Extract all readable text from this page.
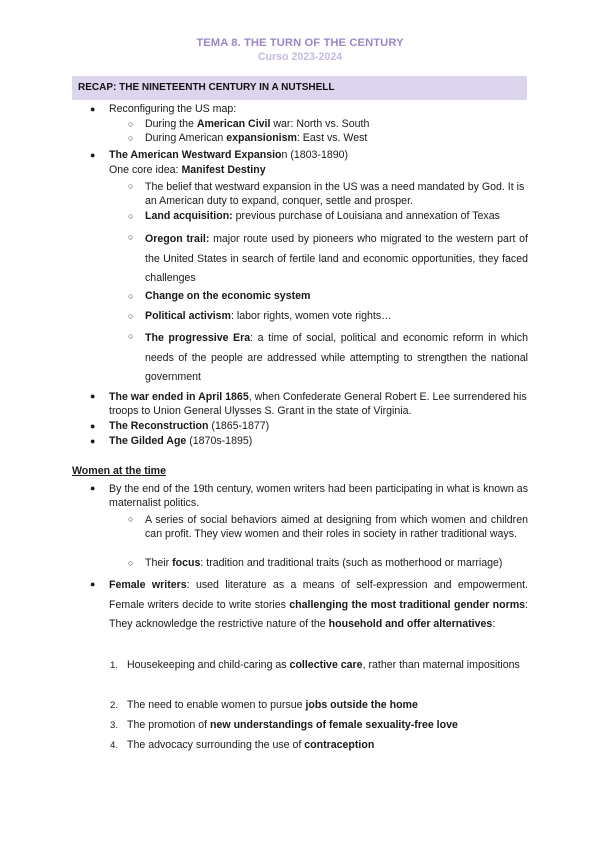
TEMA 8. THE TURN OF THE CENTURY
Curso 2023-2024
RECAP: THE NINETEENTH CENTURY IN A NUTSHELL
● Reconfiguring the US map:
○ During the American Civil war: North vs. South
○ During American expansionism: East vs. West
● The American Westward Expansion (1803-1890)
One core idea: Manifest Destiny
○ The belief that westward expansion in the US was a need mandated by God. It is an American duty to expand, conquer, settle and prosper.
○ Land acquisition: previous purchase of Louisiana and annexation of Texas
○ Oregon trail: major route used by pioneers who migrated to the western part of the United States in search of fertile land and economic opportunities, they faced challenges
○ Change on the economic system
○ Political activism: labor rights, women vote rights…
○ The progressive Era: a time of social, political and economic reform in which needs of the people are addressed while attempting to strengthen the national government
● The war ended in April 1865, when Confederate General Robert E. Lee surrendered his troops to Union General Ulysses S. Grant in the state of Virginia.
● The Reconstruction (1865-1877)
● The Gilded Age (1870s-1895)
Women at the time
● By the end of the 19th century, women writers had been participating in what is known as maternalist politics.
○ A series of social behaviors aimed at designing from which women and children can profit. They view women and their roles in society in rather traditional ways.
○ Their focus: tradition and traditional traits (such as motherhood or marriage)
● Female writers: used literature as a means of self-expression and empowerment. Female writers decide to write stories challenging the most traditional gender norms: They acknowledge the restrictive nature of the household and offer alternatives:
1. Housekeeping and child-caring as collective care, rather than maternal impositions
2. The need to enable women to pursue jobs outside the home
3. The promotion of new understandings of female sexuality-free love
4. The advocacy surrounding the use of contraception
